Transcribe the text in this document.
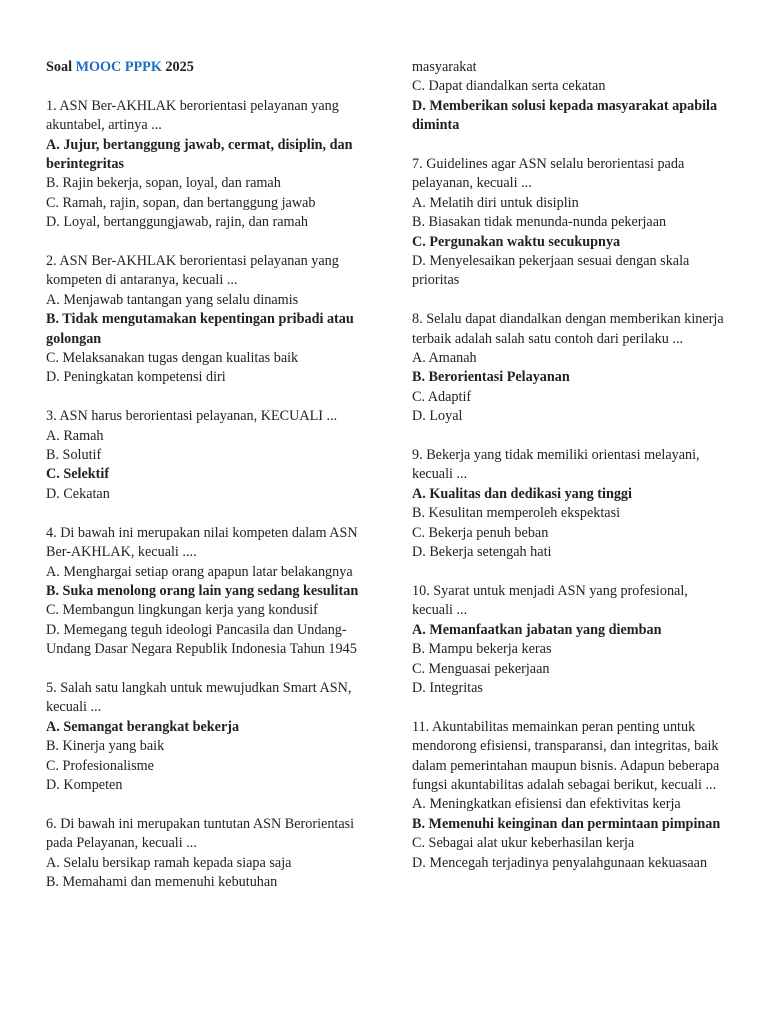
Soal MOOC PPPK 2025

1. ASN Ber-AKHLAK berorientasi pelayanan yang akuntabel, artinya ...

A. Jujur, bertanggung jawab, cermat, disiplin, dan berintegritas

B. Rajin bekerja, sopan, loyal, dan ramah

C. Ramah, rajin, sopan, dan bertanggung jawab

D. Loyal, bertanggungjawab, rajin, dan ramah

2. ASN Ber-AKHLAK berorientasi pelayanan yang kompeten di antaranya, kecuali ...

A. Menjawab tantangan yang selalu dinamis

B. Tidak mengutamakan kepentingan pribadi atau golongan

C. Melaksanakan tugas dengan kualitas baik

D. Peningkatan kompetensi diri

3. ASN harus berorientasi pelayanan, KECUALI ...

A. Ramah

B. Solutif

C. Selektif

D. Cekatan

4. Di bawah ini merupakan nilai kompeten dalam ASN Ber-AKHLAK, kecuali ....

A. Menghargai setiap orang apapun latar belakangnya

B. Suka menolong orang lain yang sedang kesulitan

C. Membangun lingkungan kerja yang kondusif

D. Memegang teguh ideologi Pancasila dan Undang-Undang Dasar Negara Republik Indonesia Tahun 1945

5. Salah satu langkah untuk mewujudkan Smart ASN, kecuali ...

A. Semangat berangkat bekerja

B. Kinerja yang baik

C. Profesionalisme

D. Kompeten

6. Di bawah ini merupakan tuntutan ASN Berorientasi pada Pelayanan, kecuali ...

A. Selalu bersikap ramah kepada siapa saja

B. Memahami dan memenuhi kebutuhan

masyarakat

C. Dapat diandalkan serta cekatan

D. Memberikan solusi kepada masyarakat apabila diminta

7. Guidelines agar ASN selalu berorientasi pada pelayanan, kecuali ...

A. Melatih diri untuk disiplin

B. Biasakan tidak menunda-nunda pekerjaan

C. Pergunakan waktu secukupnya

D. Menyelesaikan pekerjaan sesuai dengan skala prioritas

8. Selalu dapat diandalkan dengan memberikan kinerja terbaik adalah salah satu contoh dari perilaku ...

A. Amanah

B. Berorientasi Pelayanan

C. Adaptif

D. Loyal

9. Bekerja yang tidak memiliki orientasi melayani, kecuali ...

A. Kualitas dan dedikasi yang tinggi

B. Kesulitan memperoleh ekspektasi

C. Bekerja penuh beban

D. Bekerja setengah hati

10. Syarat untuk menjadi ASN yang profesional, kecuali ...

A. Memanfaatkan jabatan yang diemban

B. Mampu bekerja keras

C. Menguasai pekerjaan

D. Integritas

11. Akuntabilitas memainkan peran penting untuk mendorong efisiensi, transparansi, dan integritas, baik dalam pemerintahan maupun bisnis. Adapun beberapa fungsi akuntabilitas adalah sebagai berikut, kecuali ...

A. Meningkatkan efisiensi dan efektivitas kerja

B. Memenuhi keinginan dan permintaan pimpinan

C. Sebagai alat ukur keberhasilan kerja

D. Mencegah terjadinya penyalahgunaan kekuasaan
